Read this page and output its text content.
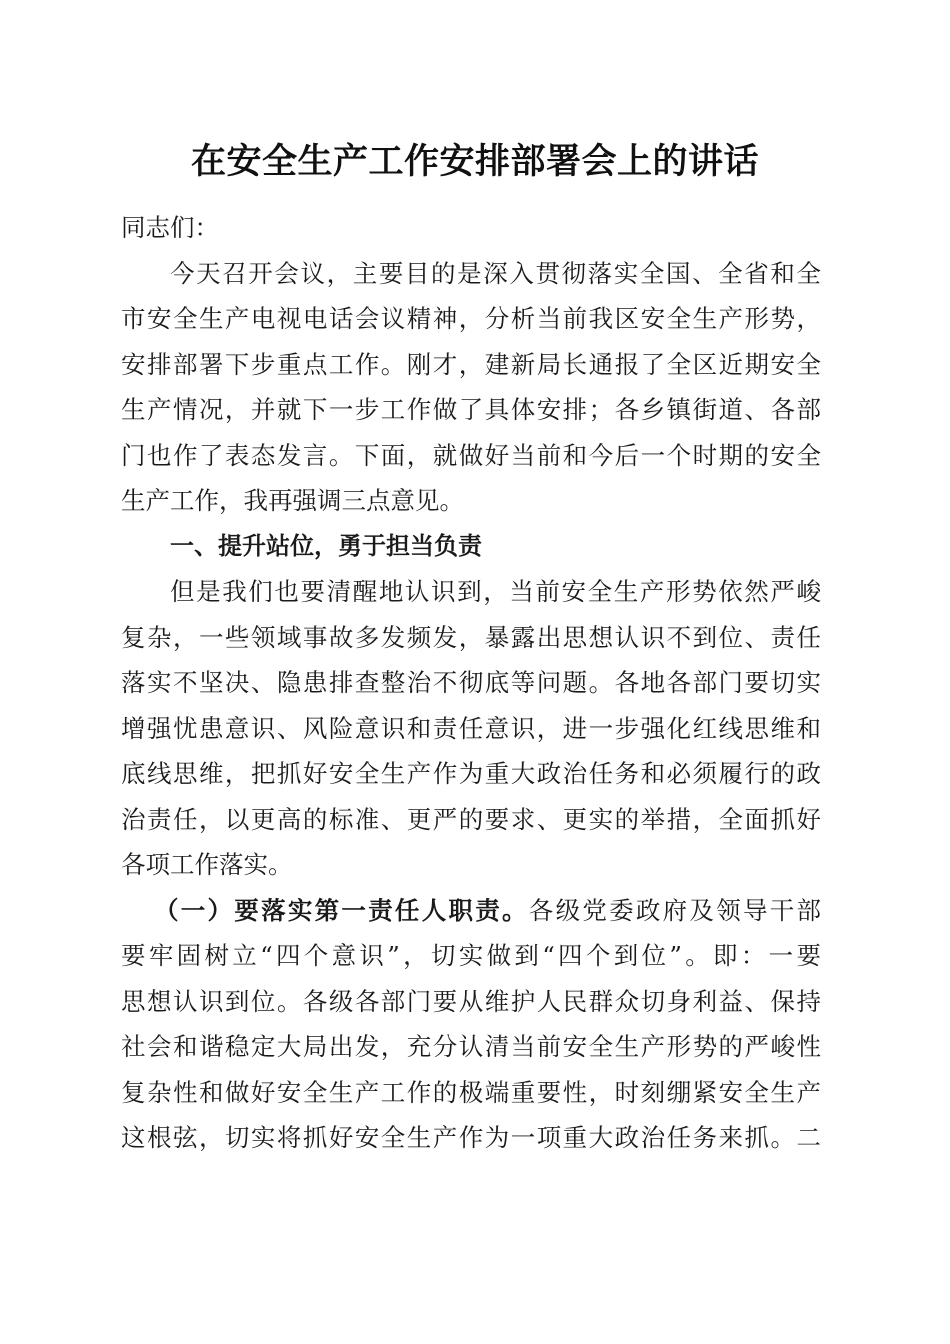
在安全生产工作安排部署会上的讲话
同志们：
今天召开会议，主要目的是深入贯彻落实全国、全省和全
市安全生产电视电话会议精神，分析当前我区安全生产形势，
安排部署下步重点工作。刚才，建新局长通报了全区近期安全
生产情况，并就下一步工作做了具体安排；各乡镇街道、各部
门也作了表态发言。下面，就做好当前和今后一个时期的安全
生产工作，我再强调三点意见。
一、提升站位，勇于担当负责
但是我们也要清醒地认识到，当前安全生产形势依然严峻
复杂，一些领域事故多发频发，暴露出思想认识不到位、责任
落实不坚决、隐患排查整治不彻底等问题。各地各部门要切实
增强忧患意识、风险意识和责任意识，进一步强化红线思维和
底线思维，把抓好安全生产作为重大政治任务和必须履行的政
治责任，以更高的标准、更严的要求、更实的举措，全面抓好
各项工作落实。
（一）要落实第一责任人职责。各级党委政府及领导干部
要牢固树立“四个意识”，切实做到“四个到位”。即：一要
思想认识到位。各级各部门要从维护人民群众切身利益、保持
社会和谐稳定大局出发，充分认清当前安全生产形势的严峻性
复杂性和做好安全生产工作的极端重要性，时刻绷紧安全生产
这根弦，切实将抓好安全生产作为一项重大政治任务来抓。二
